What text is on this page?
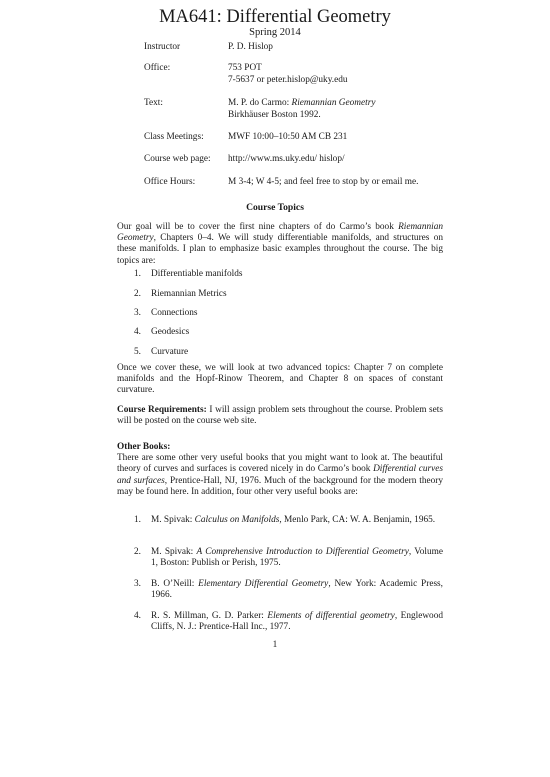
MA641: Differential Geometry
Spring 2014
Instructor	P. D. Hislop
Office:	753 POT
7-5637 or peter.hislop@uky.edu
Text:	M. P. do Carmo: Riemannian Geometry
Birkhäuser Boston 1992.
Class Meetings:	MWF 10:00–10:50 AM CB 231
Course web page:	http://www.ms.uky.edu/ hislop/
Office Hours:	M 3-4; W 4-5; and feel free to stop by or email me.
Course Topics
Our goal will be to cover the first nine chapters of do Carmo’s book Riemannian Geometry, Chapters 0–4. We will study differentiable manifolds, and structures on these manifolds. I plan to emphasize basic examples throughout the course. The big topics are:
1. Differentiable manifolds
2. Riemannian Metrics
3. Connections
4. Geodesics
5. Curvature
Once we cover these, we will look at two advanced topics: Chapter 7 on complete manifolds and the Hopf-Rinow Theorem, and Chapter 8 on spaces of constant curvature.
Course Requirements: I will assign problem sets throughout the course. Problem sets will be posted on the course web site.
Other Books:
There are some other very useful books that you might want to look at. The beautiful theory of curves and surfaces is covered nicely in do Carmo’s book Differential curves and surfaces, Prentice-Hall, NJ, 1976. Much of the background for the modern theory may be found here. In addition, four other very useful books are:
1. M. Spivak: Calculus on Manifolds, Menlo Park, CA: W. A. Benjamin, 1965.
2. M. Spivak: A Comprehensive Introduction to Differential Geometry, Volume 1, Boston: Publish or Perish, 1975.
3. B. O’Neill: Elementary Differential Geometry, New York: Academic Press, 1966.
4. R. S. Millman, G. D. Parker: Elements of differential geometry, Englewood Cliffs, N. J.: Prentice-Hall Inc., 1977.
1
